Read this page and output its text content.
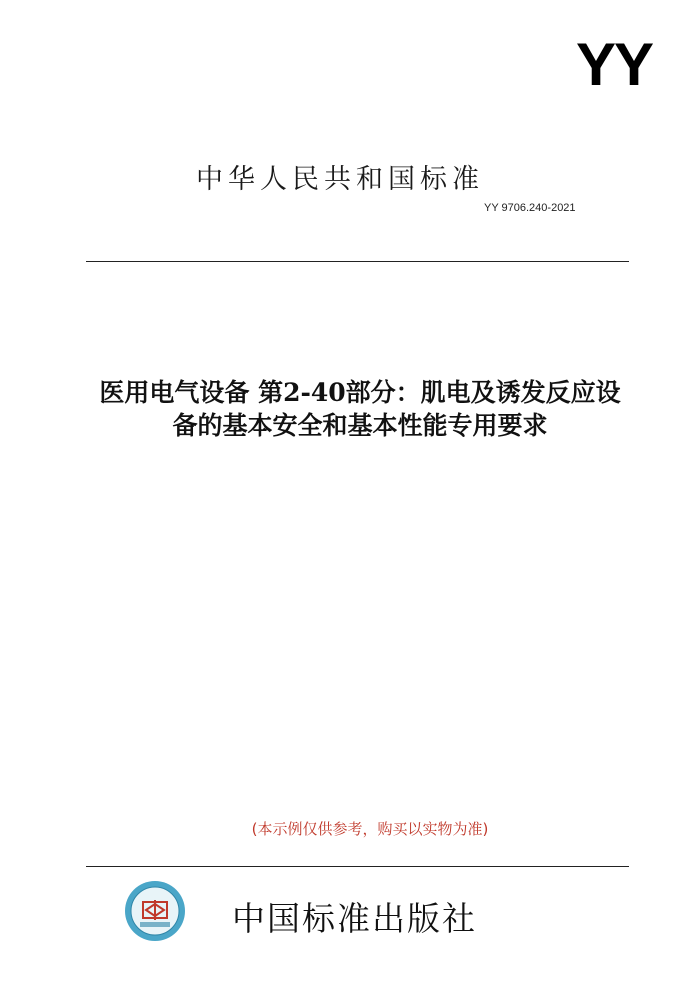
YY
中华人民共和国标准
YY 9706.240-2021
医用电气设备 第2-40部分：肌电及诱发反应设
备的基本安全和基本性能专用要求
(本示例仅供参考，购买以实物为准)
中国标准出版社
